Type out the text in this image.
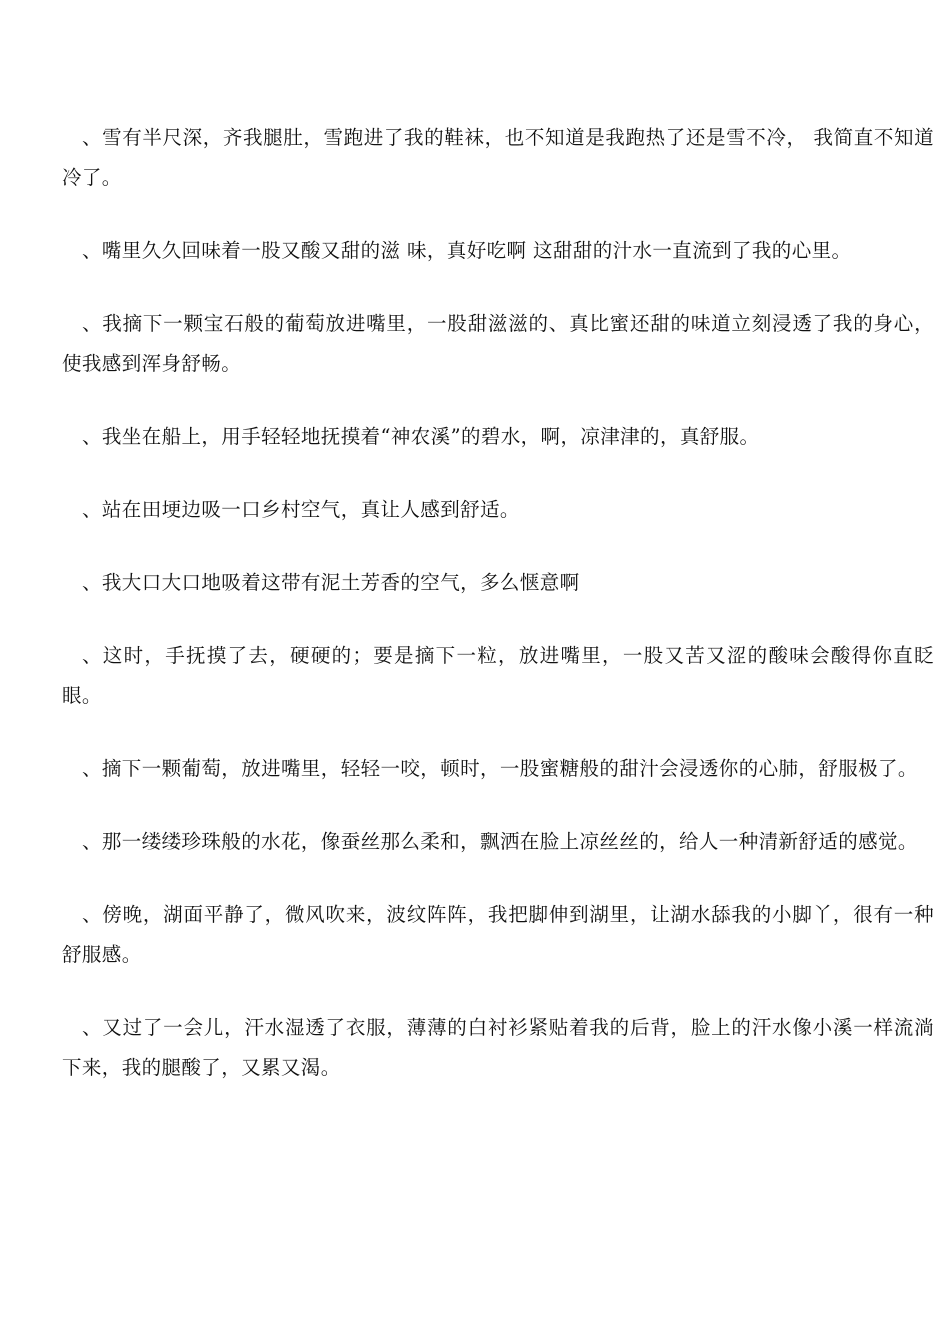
、雪有半尺深，齐我腿肚，雪跑进了我的鞋袜，也不知道是我跑热了还是雪不冷， 我简直不知道冷了。

、嘴里久久回味着一股又酸又甜的滋 味，真好吃啊 这甜甜的汁水一直流到了我的心里。

、我摘下一颗宝石般的葡萄放进嘴里，一股甜滋滋的、真比蜜还甜的味道立刻浸透了我的身心，使我感到浑身舒畅。

、我坐在船上，用手轻轻地抚摸着“神农溪”的碧水，啊，凉津津的，真舒服。

、站在田埂边吸一口乡村空气，真让人感到舒适。

、我大口大口地吸着这带有泥土芳香的空气，多么惬意啊

、这时，手抚摸了去，硬硬的；要是摘下一粒，放进嘴里，一股又苦又涩的酸味会酸得你直眨眼。

、摘下一颗葡萄，放进嘴里，轻轻一咬，顿时，一股蜜糖般的甜汁会浸透你的心肺，舒服极了。

、那一缕缕珍珠般的水花，像蚕丝那么柔和，飘洒在脸上凉丝丝的，给人一种清新舒适的感觉。

、傍晚，湖面平静了，微风吹来，波纹阵阵，我把脚伸到湖里，让湖水舔我的小脚丫，很有一种舒服感。

、又过了一会儿，汗水湿透了衣服，薄薄的白衬衫紧贴着我的后背，脸上的汗水像小溪一样流淌下来，我的腿酸了，又累又渴。
